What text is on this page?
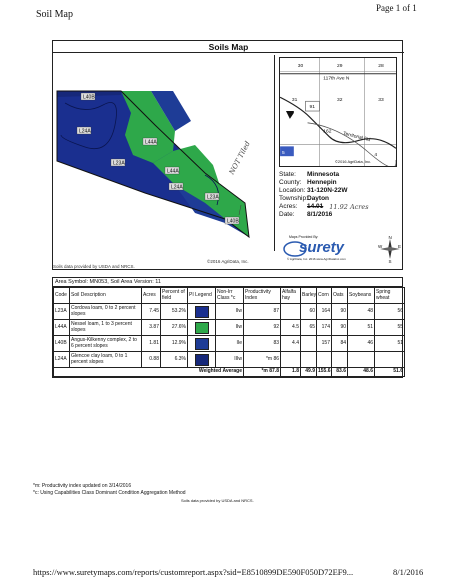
Soil Map
Page 1 of 1
Soils Map
L40B
L24A
L44A
L23A
L44A
L24A
L23A
L40B
NOT Tiled
©2016 AgriData, Inc.
30	29	28
117th Ave N
31	32	33
91
162 Territorial Rd
5	4
©2016 AgriData, Inc.
State:	Minnesota
County: Hennepin
Location: 31-120N-22W
Township: Dayton
Acres:	14.01 11.92 Acres
Date:	8/1/2016
Maps Provided By:
surety
© AgriData, Inc. 2016 www.AgriDataInc.com
N
S
W	E
Soils data provided by USDA and NRCS.
Area Symbol: MN053, Soil Area Version: 11
Code	Soil Description	Acres	Percent of field	PI Legend	Non-Irr Class *c	Productivity Index	Alfalfa hay	Barley	Corn	Oats	Soybeans	Spring wheat
L23A	Cordova loam, 0 to 2 percent slopes	7.45	53.2%		IIw	87		60	164	90	48	56
L44A	Nessel loam, 1 to 3 percent slopes	3.87	27.6%		IIw	92	4.5	65	174	90	51	55
L40B	Angus-Kilkenny complex, 2 to 6 percent slopes	1.81	12.9%		IIe	83	4.4		157	84	46	51
L24A	Glencoe clay loam, 0 to 1 percent slopes	0.88	6.3%		IIIw	*m 86						
Weighted Average						*m 87.8	1.8	49.9	155.6	83.6	48.6	51.6
*m: Productivity index updated on 3/14/2016
*c: Using Capabilities Class Dominant Condition Aggregation Method
Soils data provided by USDA and NRCS.
https://www.suretymaps.com/reports/customreport.aspx?sid=E8510899DE590F050D72EF9...	8/1/2016
